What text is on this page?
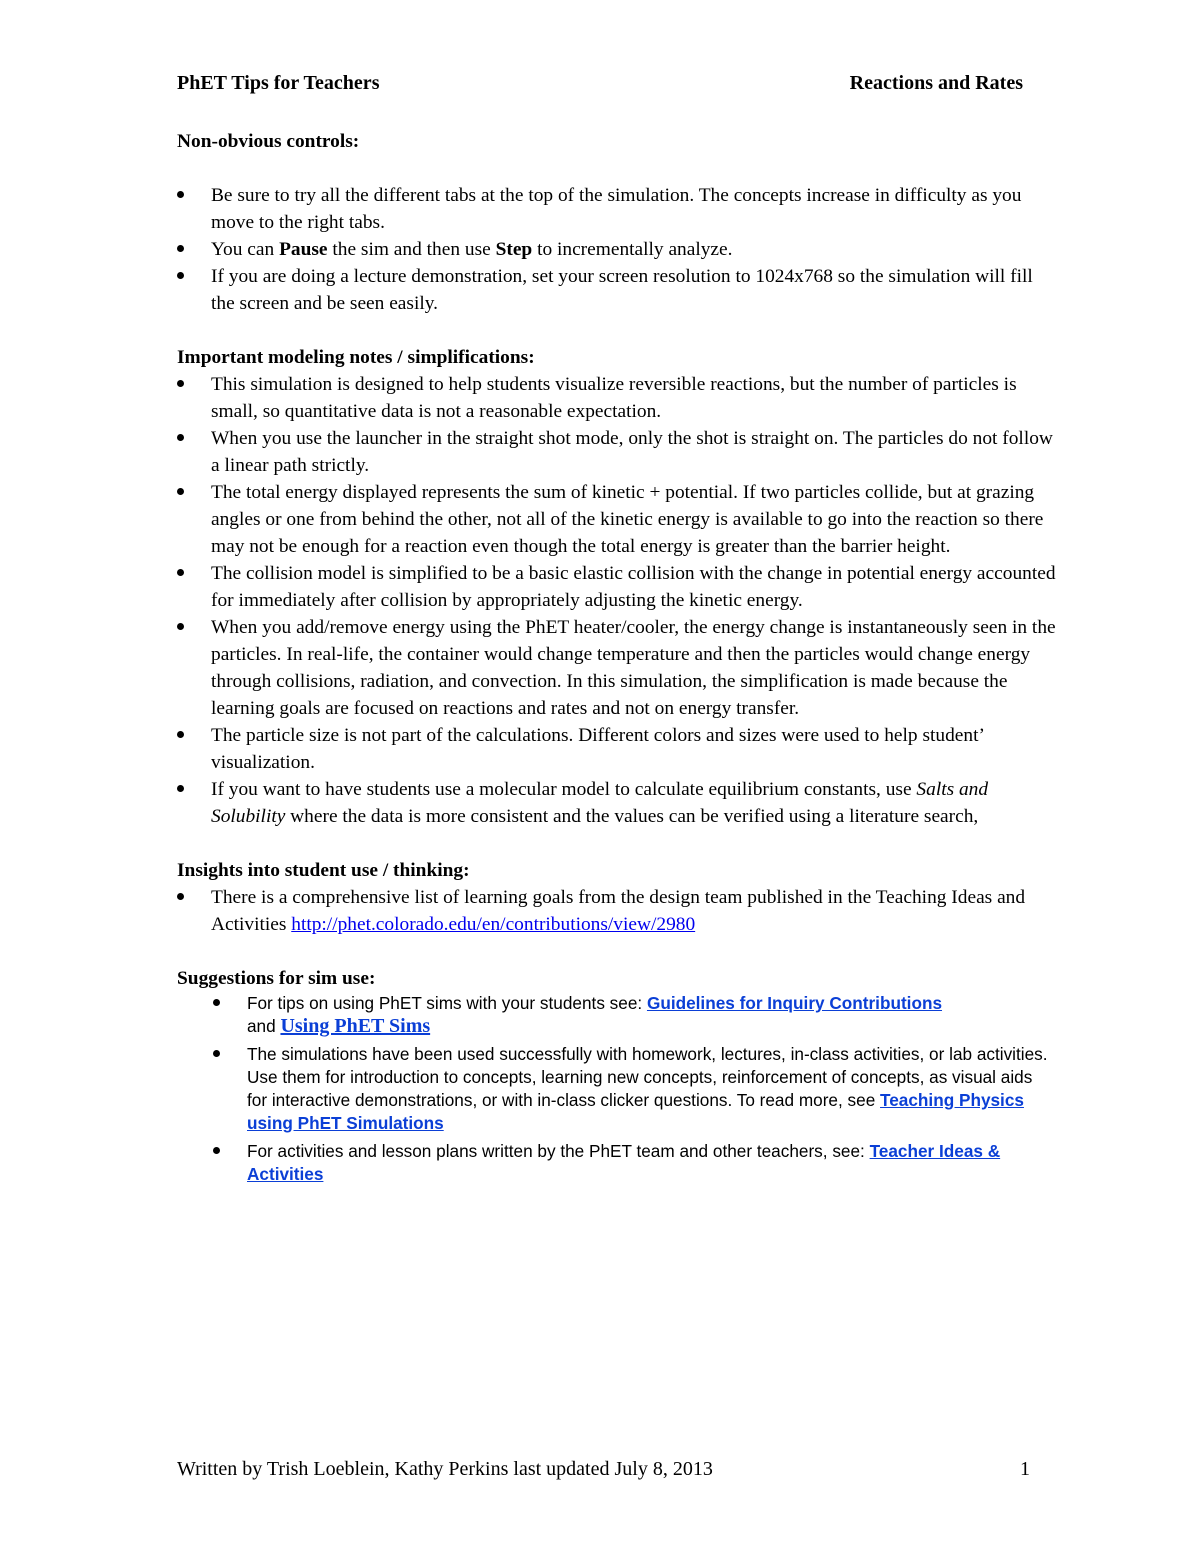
PhET Tips for Teachers	Reactions and Rates

Non-obvious controls:

Be sure to try all the different tabs at the top of the simulation. The concepts increase in difficulty as you move to the right tabs.
You can Pause the sim and then use Step to incrementally analyze.
If you are doing a lecture demonstration, set your screen resolution to 1024x768 so the simulation will fill the screen and be seen easily.

Important modeling notes / simplifications:

This simulation is designed to help students visualize reversible reactions, but the number of particles is small, so quantitative data is not a reasonable expectation.
When you use the launcher in the straight shot mode, only the shot is straight on. The particles do not follow a linear path strictly.
The total energy displayed represents the sum of kinetic + potential. If two particles collide, but at grazing angles or one from behind the other, not all of the kinetic energy is available to go into the reaction so there may not be enough for a reaction even though the total energy is greater than the barrier height.
The collision model is simplified to be a basic elastic collision with the change in potential energy accounted for immediately after collision by appropriately adjusting the kinetic energy.
When you add/remove energy using the PhET heater/cooler, the energy change is instantaneously seen in the particles. In real-life, the container would change temperature and then the particles would change energy through collisions, radiation, and convection. In this simulation, the simplification is made because the learning goals are focused on reactions and rates and not on energy transfer.
The particle size is not part of the calculations. Different colors and sizes were used to help student’ visualization.
If you want to have students use a molecular model to calculate equilibrium constants, use Salts and Solubility where the data is more consistent and the values can be verified using a literature search,

Insights into student use / thinking:

There is a comprehensive list of learning goals from the design team published in the Teaching Ideas and Activities http://phet.colorado.edu/en/contributions/view/2980

Suggestions for sim use:

For tips on using PhET sims with your students see: Guidelines for Inquiry Contributions
and Using PhET Sims
The simulations have been used successfully with homework, lectures, in-class activities, or lab activities. Use them for introduction to concepts, learning new concepts, reinforcement of concepts, as visual aids for interactive demonstrations, or with in-class clicker questions. To read more, see Teaching Physics using PhET Simulations
For activities and lesson plans written by the PhET team and other teachers, see: Teacher Ideas & Activities
Written by Trish Loeblein, Kathy Perkins last updated July 8, 2013	1
